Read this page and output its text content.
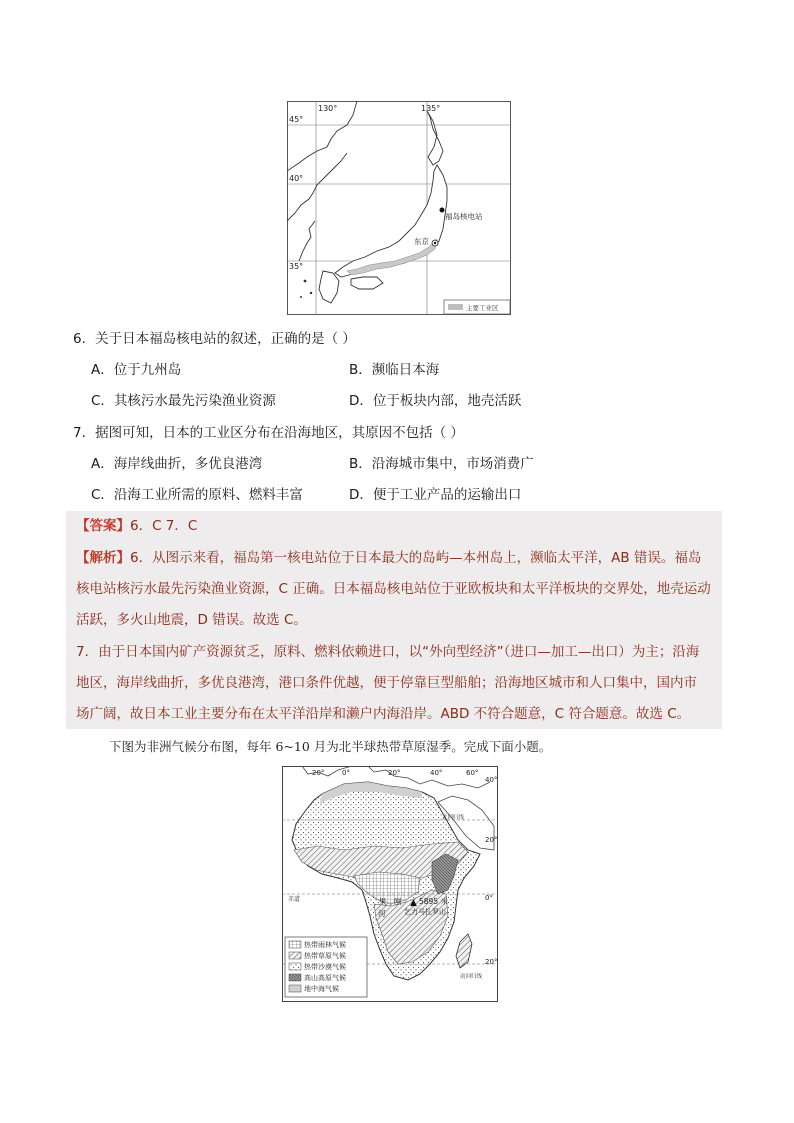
130°	135°
45°
40°
35°
福岛核电站
东京
主要工业区
6．关于日本福岛核电站的叙述，正确的是（ ）
A．位于九州岛	B．濒临日本海
C．其核污水最先污染渔业资源	D．位于板块内部，地壳活跃
7．据图可知，日本的工业区分布在沿海地区，其原因不包括（ ）
A．海岸线曲折，多优良港湾	B．沿海城市集中，市场消费广
C．沿海工业所需的原料、燃料丰富	D．便于工业产品的运输出口
【答案】6．C 7．C
【解析】6．从图示来看，福岛第一核电站位于日本最大的岛屿—本州岛上，濒临太平洋，AB 错误。福岛
核电站核污水最先污染渔业资源，C 正确。日本福岛核电站位于亚欧板块和太平洋板块的交界处，地壳运动
活跃，多火山地震，D 错误。故选 C。
7．由于日本国内矿产资源贫乏，原料、燃料依赖进口，以“外向型经济”（进口—加工—出口）为主；沿海
地区，海岸线曲折，多优良港湾，港口条件优越，便于停靠巨型船舶；沿海地区城市和人口集中，国内市
场广阔，故日本工业主要分布在太平洋沿岸和濑户内海沿岸。ABD 不符合题意，C 符合题意。故选 C。
下图为非洲气候分布图，每年 6~10 月为北半球热带草原湿季。完成下面小题。
20°	0°	20°	40°	60°
40°
20°
0°
20°
北回归线
赤道
南回归线
刚
果
河
▲ 5895 米
乞力马扎罗山
热带雨林气候
热带草原气候
热带沙漠气候
高山高原气候
地中海气候
